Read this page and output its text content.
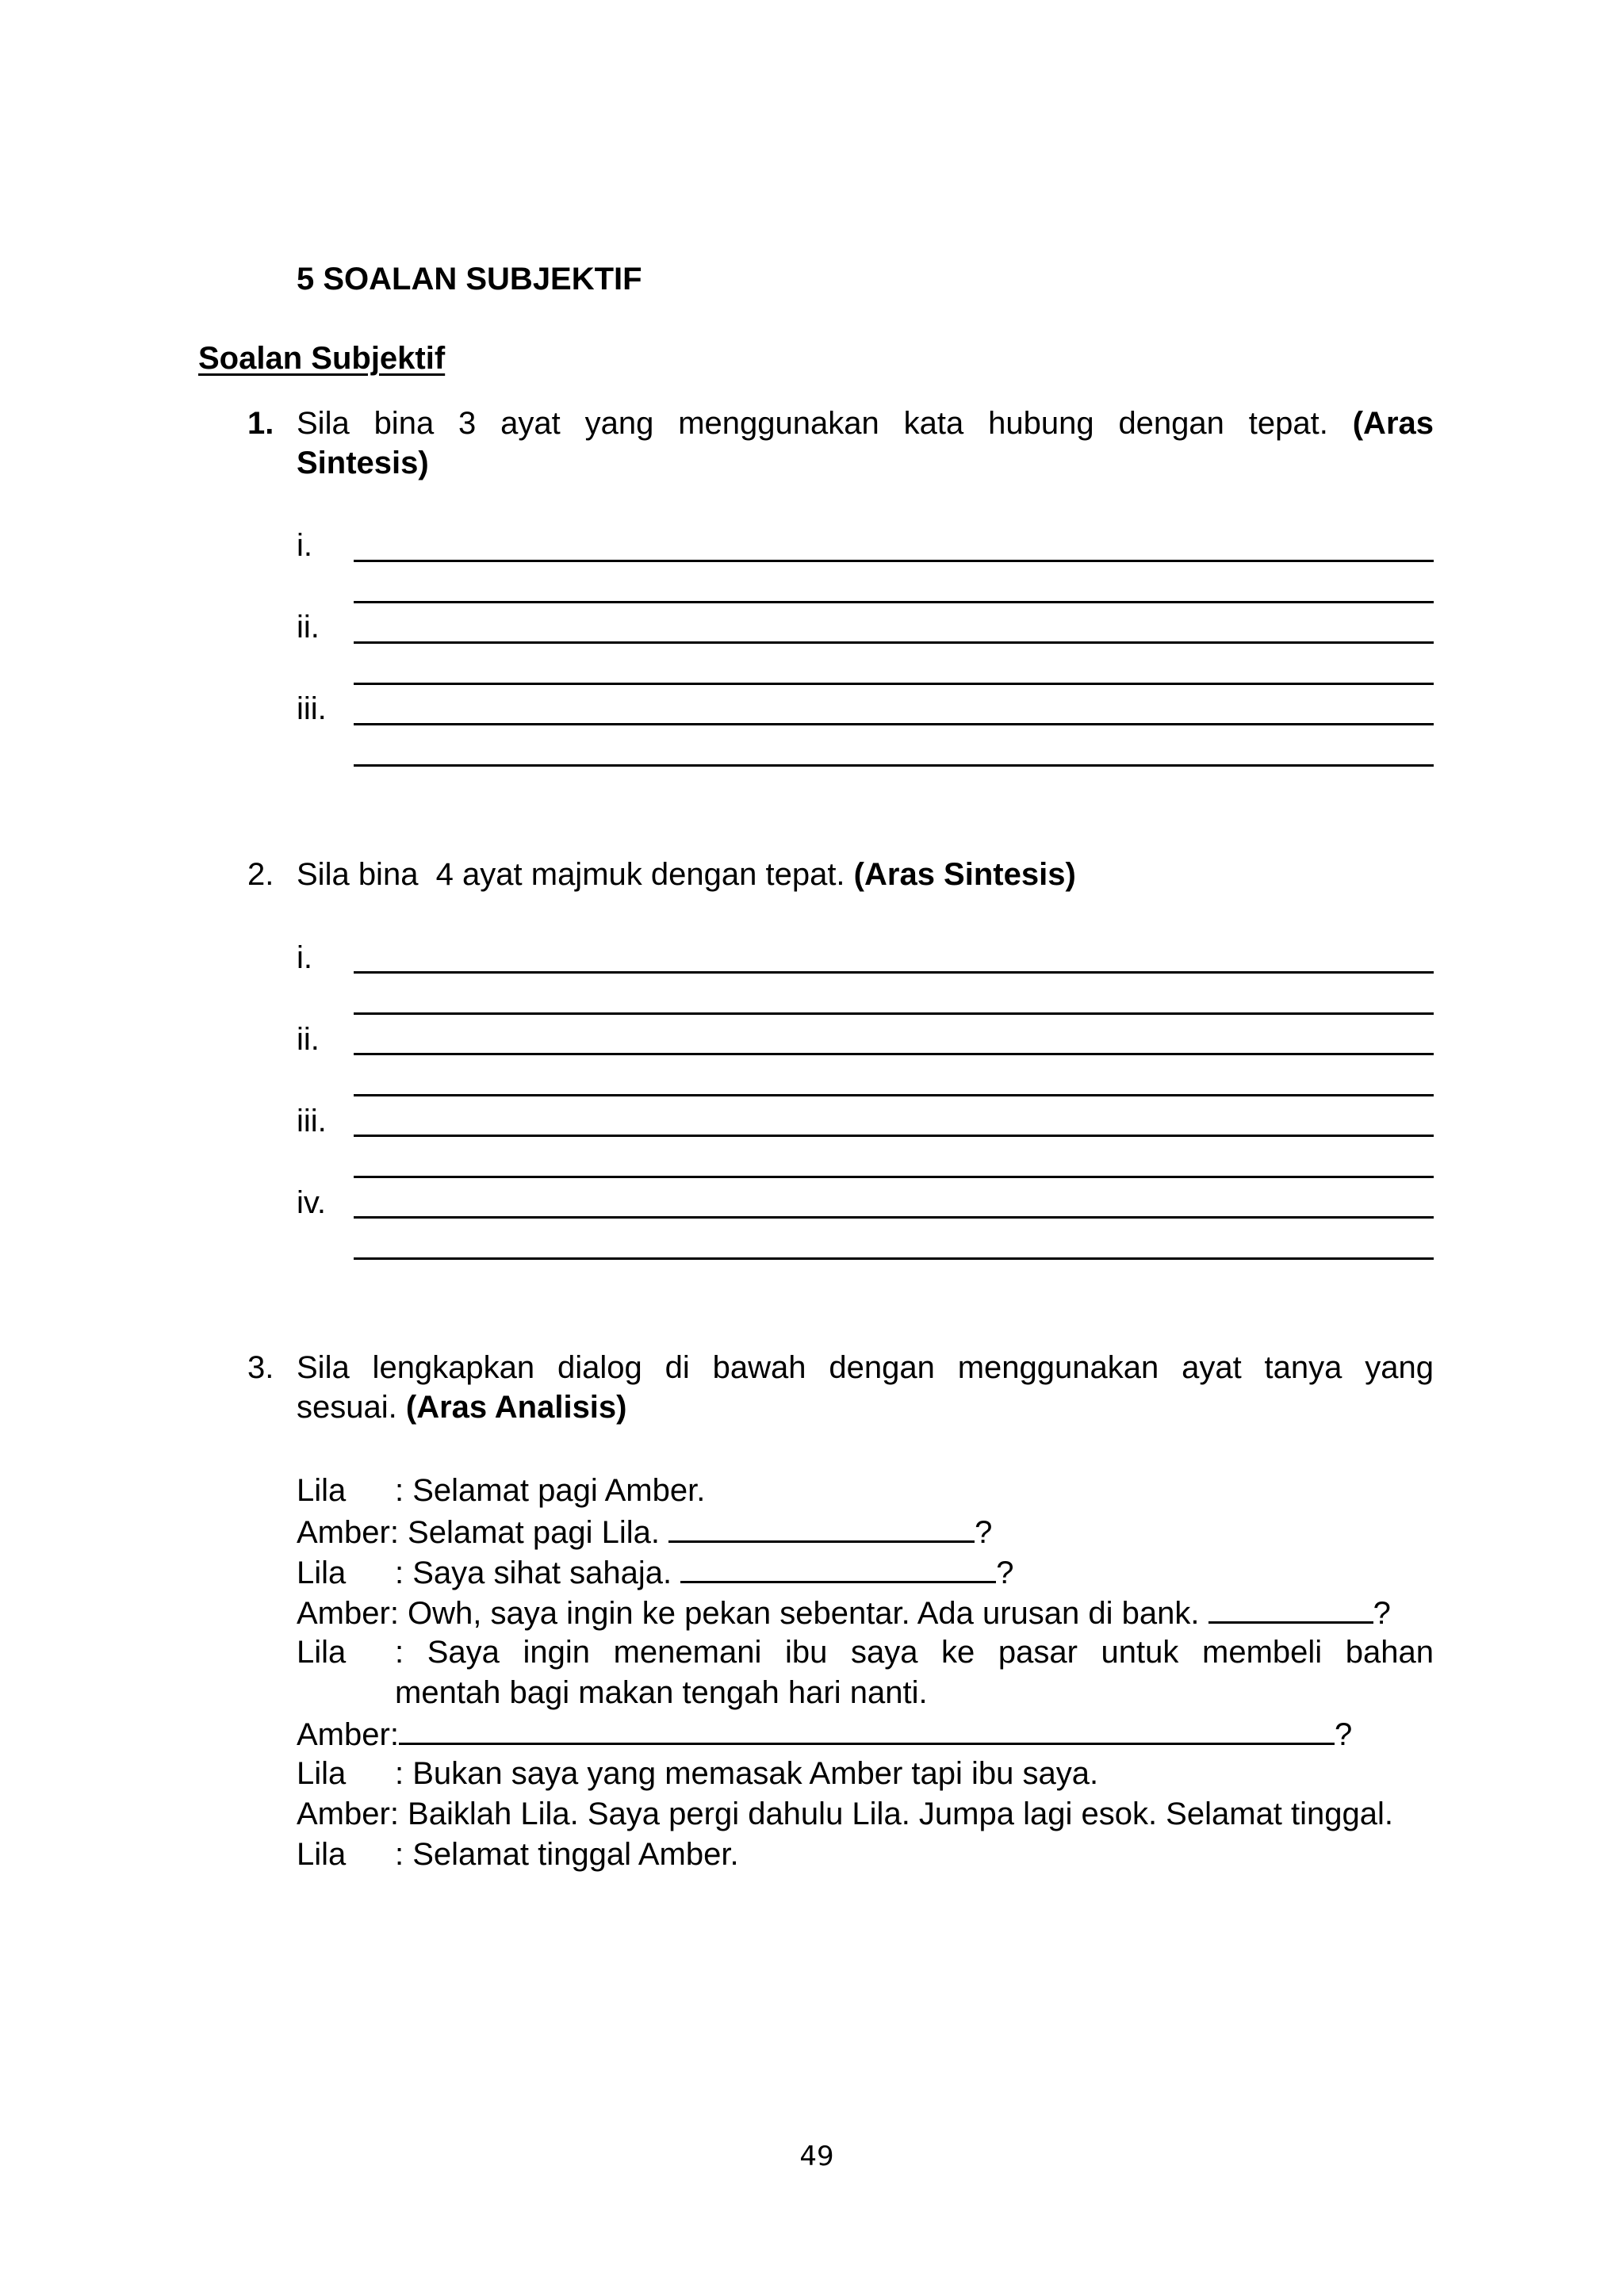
5 SOALAN SUBJEKTIF
Soalan Subjektif
1. Sila bina 3 ayat yang menggunakan kata hubung dengan tepat. (Aras
Sintesis)
i.
ii.
iii.
2. Sila bina  4 ayat majmuk dengan tepat. (Aras Sintesis)
i.
ii.
iii.
iv.
3. Sila lengkapkan dialog di bawah dengan menggunakan ayat tanya yang
sesuai. (Aras Analisis)
Lila : Selamat pagi Amber.
Amber: Selamat pagi Lila.	?
Lila : Saya sihat sahaja.	?
Amber: Owh, saya ingin ke pekan sebentar. Ada urusan di bank.	?
Lila	: Saya ingin menemani ibu saya ke pasar untuk membeli bahan
mentah bagi makan tengah hari nanti.
Amber:	?
Lila : Bukan saya yang memasak Amber tapi ibu saya.
Amber: Baiklah Lila. Saya pergi dahulu Lila. Jumpa lagi esok. Selamat tinggal.
Lila : Selamat tinggal Amber.
49
